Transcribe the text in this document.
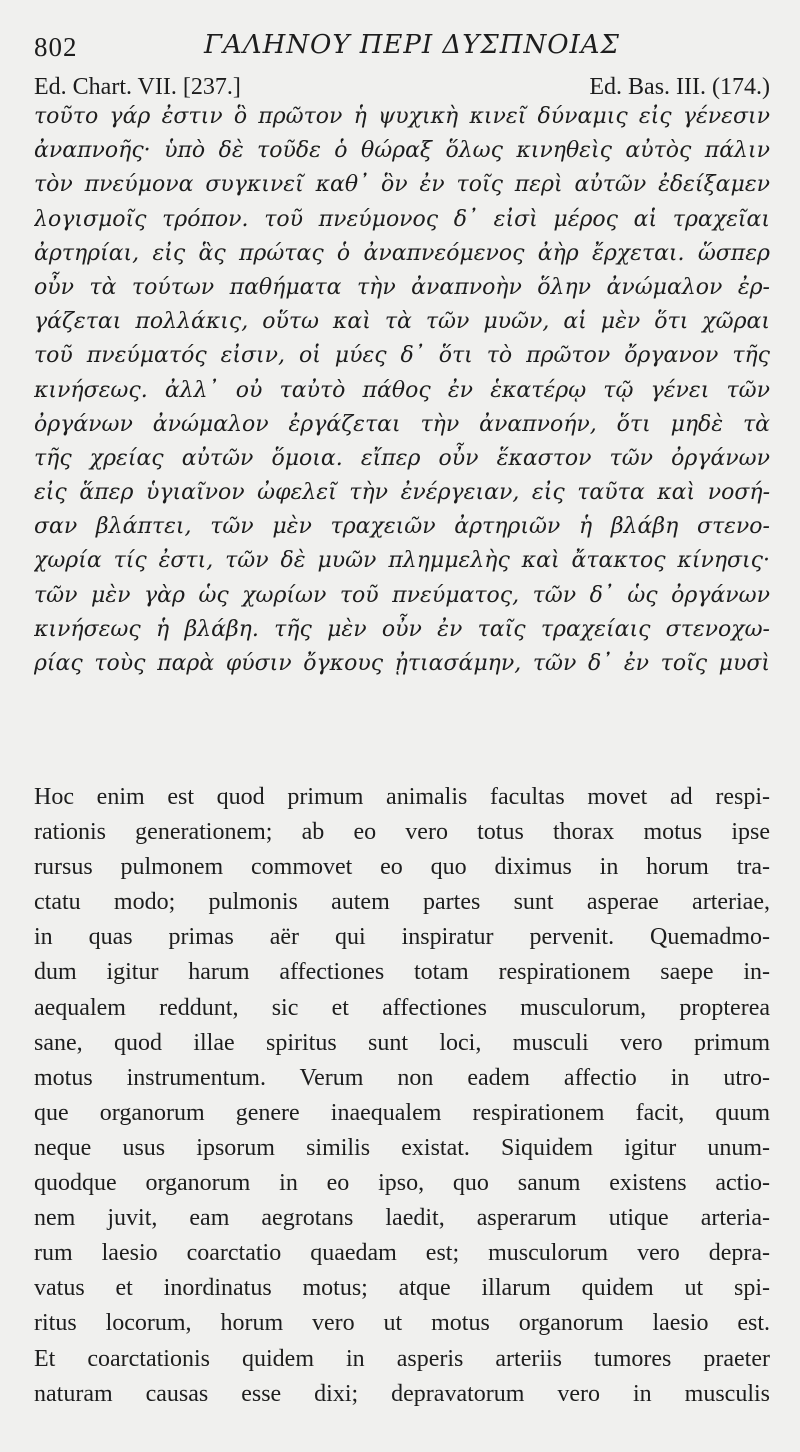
802	ΓΑΛΗΝΟΥ ΠΕΡΙ ΔΥΣΠΝΟΙΑΣ
Ed. Chart. VII. [237.]	Ed. Bas. III. (174.)
τοῦτο γάρ ἐστιν ὃ πρῶτον ἡ ψυχικὴ κινεῖ δύναμις εἰς γένεσιν
ἀναπνοῆς· ὑπὸ δὲ τοῦδε ὁ θώραξ ὅλως κινηθεὶς αὐτὸς πάλιν
τὸν πνεύμονα συγκινεῖ καθ᾽ ὃν ἐν τοῖς περὶ αὐτῶν ἐδείξαμεν
λογισμοῖς τρόπον. τοῦ πνεύμονος δ᾽ εἰσὶ μέρος αἱ τραχεῖαι
ἀρτηρίαι, εἰς ἃς πρώτας ὁ ἀναπνεόμενος ἀὴρ ἔρχεται. ὥσπερ
οὖν τὰ τούτων παθήματα τὴν ἀναπνοὴν ὅλην ἀνώμαλον ἐρ-
γάζεται πολλάκις, οὕτω καὶ τὰ τῶν μυῶν, αἱ μὲν ὅτι χῶραι
τοῦ πνεύματός εἰσιν, οἱ μύες δ᾽ ὅτι τὸ πρῶτον ὄργανον τῆς
κινήσεως. ἀλλ᾽ οὐ ταὐτὸ πάθος ἐν ἑκατέρῳ τῷ γένει τῶν
ὀργάνων ἀνώμαλον ἐργάζεται τὴν ἀναπνοήν, ὅτι μηδὲ τὰ
τῆς χρείας αὐτῶν ὅμοια. εἴπερ οὖν ἕκαστον τῶν ὀργάνων
εἰς ἅπερ ὑγιαῖνον ὠφελεῖ τὴν ἐνέργειαν, εἰς ταῦτα καὶ νοσή-
σαν βλάπτει, τῶν μὲν τραχειῶν ἀρτηριῶν ἡ βλάβη στενο-
χωρία τίς ἐστι, τῶν δὲ μυῶν πλημμελὴς καὶ ἄτακτος κίνησις·
τῶν μὲν γὰρ ὡς χωρίων τοῦ πνεύματος, τῶν δ᾽ ὡς ὀργάνων
κινήσεως ἡ βλάβη. τῆς μὲν οὖν ἐν ταῖς τραχείαις στενοχω-
ρίας τοὺς παρὰ φύσιν ὄγκους ᾐτιασάμην, τῶν δ᾽ ἐν τοῖς μυσὶ
Hoc enim est quod primum animalis facultas movet ad respi-
rationis generationem; ab eo vero totus thorax motus ipse
rursus pulmonem commovet eo quo diximus in horum tra-
ctatu modo; pulmonis autem partes sunt asperae arteriae,
in quas primas aër qui inspiratur pervenit. Quemadmo-
dum igitur harum affectiones totam respirationem saepe in-
aequalem reddunt, sic et affectiones musculorum, propterea
sane, quod illae spiritus sunt loci, musculi vero primum
motus instrumentum. Verum non eadem affectio in utro-
que organorum genere inaequalem respirationem facit, quum
neque usus ipsorum similis existat. Siquidem igitur unum-
quodque organorum in eo ipso, quo sanum existens actio-
nem juvit, eam aegrotans laedit, asperarum utique arteria-
rum laesio coarctatio quaedam est; musculorum vero depra-
vatus et inordinatus motus; atque illarum quidem ut spi-
ritus locorum, horum vero ut motus organorum laesio est.
Et coarctationis quidem in asperis arteriis tumores praeter
naturam causas esse dixi; depravatorum vero in musculis
